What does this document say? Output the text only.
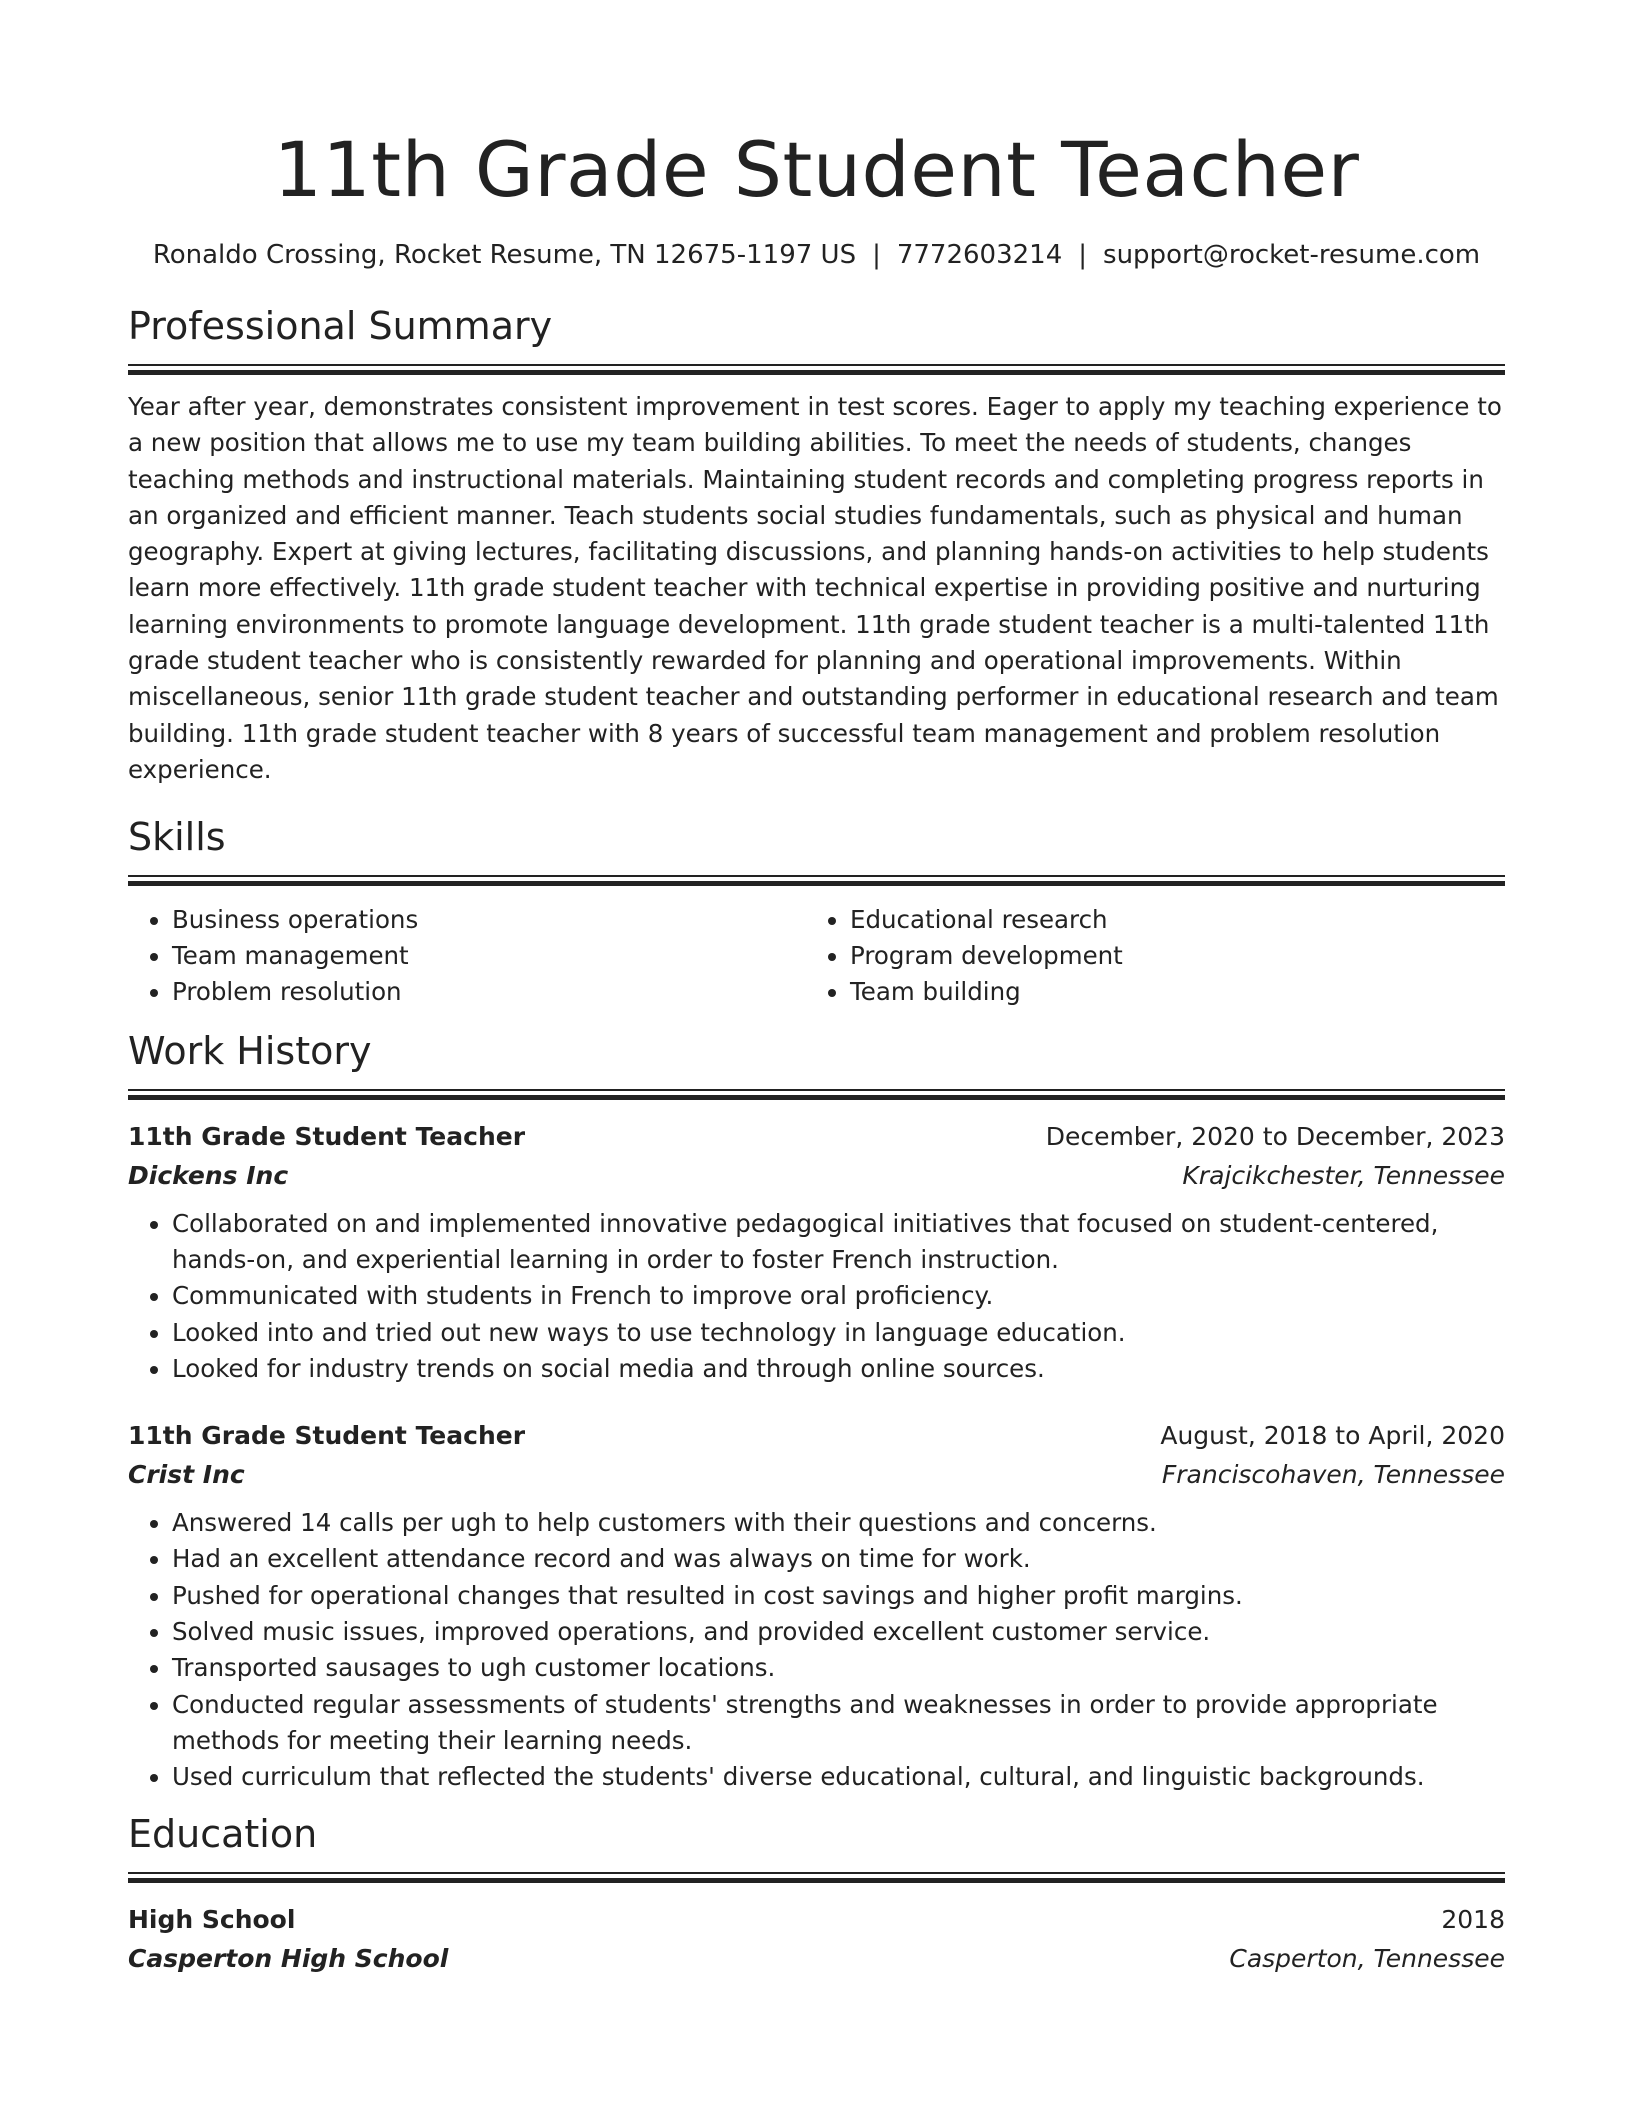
11th Grade Student Teacher
Ronaldo Crossing, Rocket Resume, TN 12675-1197 US | 7772603214 | support@rocket-resume.com
Professional Summary

Year after year, demonstrates consistent improvement in test scores. Eager to apply my teaching experience to a new position that allows me to use my team building abilities. To meet the needs of students, changes teaching methods and instructional materials. Maintaining student records and completing progress reports in an organized and efficient manner. Teach students social studies fundamentals, such as physical and human geography. Expert at giving lectures, facilitating discussions, and planning hands-on activities to help students learn more effectively. 11th grade student teacher with technical expertise in providing positive and nurturing learning environments to promote language development. 11th grade student teacher is a multi-talented 11th grade student teacher who is consistently rewarded for planning and operational improvements. Within miscellaneous, senior 11th grade student teacher and outstanding performer in educational research and team building. 11th grade student teacher with 8 years of successful team management and problem resolution experience.

Skills
• Business operations
• Team management
• Problem resolution
• Educational research
• Program development
• Team building
Work History
11th Grade Student Teacher	December, 2020 to December, 2023
Dickens Inc	Krajcikchester, Tennessee
• Collaborated on and implemented innovative pedagogical initiatives that focused on student-centered, hands-on, and experiential learning in order to foster French instruction.
• Communicated with students in French to improve oral proficiency.
• Looked into and tried out new ways to use technology in language education.
• Looked for industry trends on social media and through online sources.
11th Grade Student Teacher	August, 2018 to April, 2020
Crist Inc	Franciscohaven, Tennessee
• Answered 14 calls per ugh to help customers with their questions and concerns.
• Had an excellent attendance record and was always on time for work.
• Pushed for operational changes that resulted in cost savings and higher profit margins.
• Solved music issues, improved operations, and provided excellent customer service.
• Transported sausages to ugh customer locations.
• Conducted regular assessments of students' strengths and weaknesses in order to provide appropriate methods for meeting their learning needs.
• Used curriculum that reflected the students' diverse educational, cultural, and linguistic backgrounds.
Education
High School	2018
Casperton High School	Casperton, Tennessee
